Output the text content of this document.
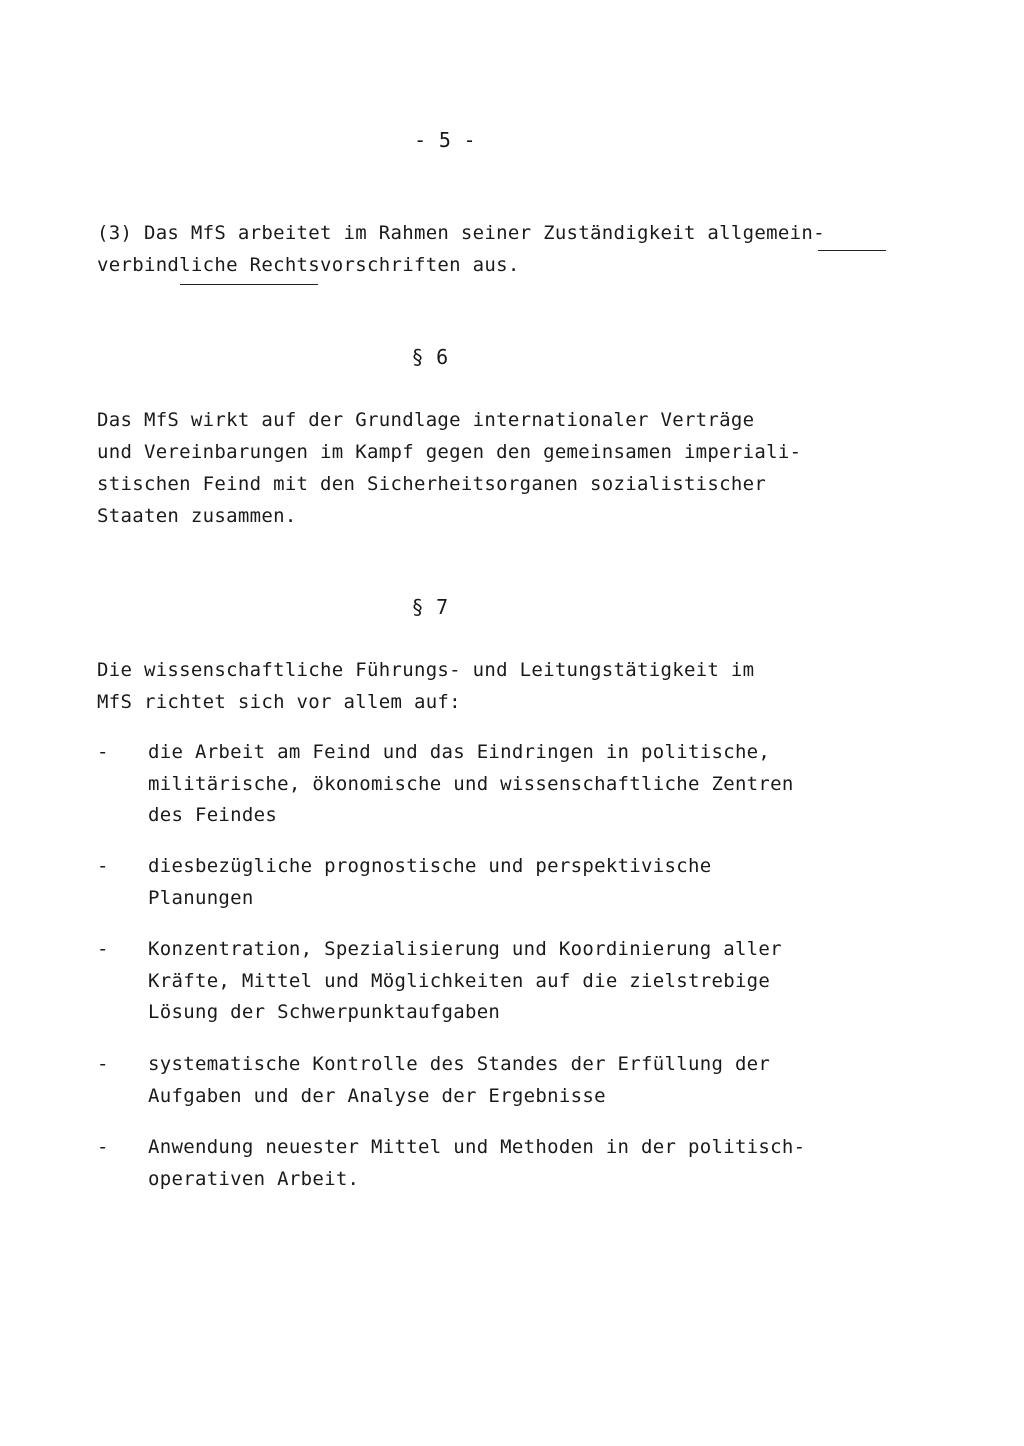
- 5 -
(3) Das MfS arbeitet im Rahmen seiner Zuständigkeit allgemein-
verbindliche Rechtsvorschriften aus.
§ 6
Das MfS wirkt auf der Grundlage internationaler Verträge
und Vereinbarungen im Kampf gegen den gemeinsamen imperiali-
stischen Feind mit den Sicherheitsorganen sozialistischer
Staaten zusammen.
§ 7
Die wissenschaftliche Führungs- und Leitungstätigkeit im
MfS richtet sich vor allem auf:
- die Arbeit am Feind und das Eindringen in politische,
militärische, ökonomische und wissenschaftliche Zentren
des Feindes
- diesbezügliche prognostische und perspektivische
Planungen
- Konzentration, Spezialisierung und Koordinierung aller
Kräfte, Mittel und Möglichkeiten auf die zielstrebige
Lösung der Schwerpunktaufgaben
- systematische Kontrolle des Standes der Erfüllung der
Aufgaben und der Analyse der Ergebnisse
- Anwendung neuester Mittel und Methoden in der politisch-
operativen Arbeit.
